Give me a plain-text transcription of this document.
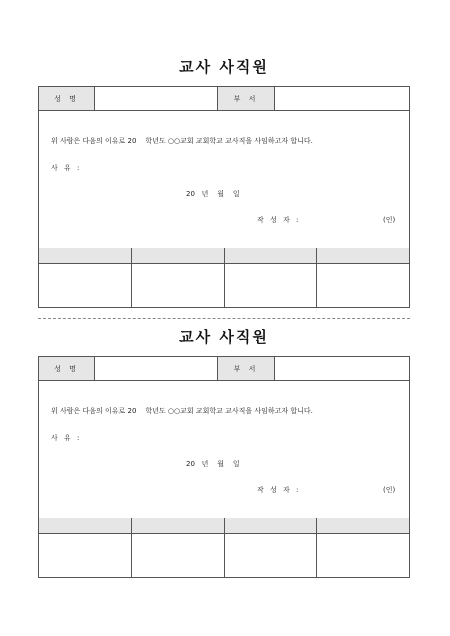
교사 사직원
성 명	부 서
위 사람은 다음의 이유로 20    학년도 ○○교회 교회학교 교사직을 사임하고자 합니다.
사 유 :
20   년    월    일
작 성 자 :	(인)
교사 사직원
성 명	부 서
위 사람은 다음의 이유로 20    학년도 ○○교회 교회학교 교사직을 사임하고자 합니다.
사 유 :
20   년    월    일
작 성 자 :	(인)
